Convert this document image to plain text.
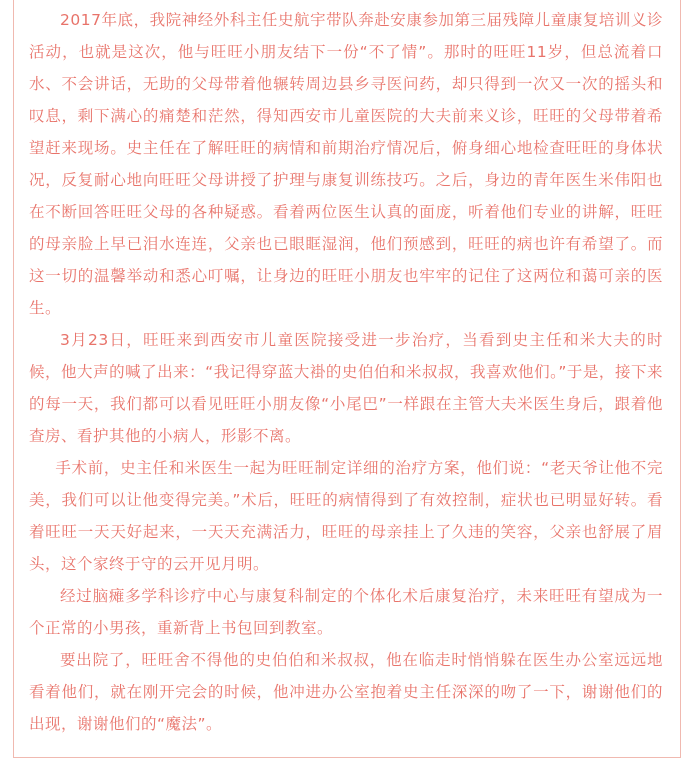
2017年底，我院神经外科主任史航宇带队奔赴安康参加第三届残障儿童康复培训义诊活动，也就是这次，他与旺旺小朋友结下一份“不了情”。那时的旺旺11岁，但总流着口水、不会讲话，无助的父母带着他辗转周边县乡寻医问药，却只得到一次又一次的摇头和叹息，剩下满心的痛楚和茫然，得知西安市儿童医院的大夫前来义诊，旺旺的父母带着希望赶来现场。史主任在了解旺旺的病情和前期治疗情况后，俯身细心地检查旺旺的身体状况，反复耐心地向旺旺父母讲授了护理与康复训练技巧。之后，身边的青年医生米伟阳也在不断回答旺旺父母的各种疑惑。看着两位医生认真的面庞，听着他们专业的讲解，旺旺的母亲脸上早已泪水连连，父亲也已眼眶湿润，他们预感到，旺旺的病也许有希望了。而这一切的温馨举动和悉心叮嘱，让身边的旺旺小朋友也牢牢的记住了这两位和蔼可亲的医生。

3月23日，旺旺来到西安市儿童医院接受进一步治疗，当看到史主任和米大夫的时候，他大声的喊了出来：“我记得穿蓝大褂的史伯伯和米叔叔，我喜欢他们。”于是，接下来的每一天，我们都可以看见旺旺小朋友像“小尾巴”一样跟在主管大夫米医生身后，跟着他查房、看护其他的小病人，形影不离。

手术前，史主任和米医生一起为旺旺制定详细的治疗方案，他们说：“老天爷让他不完美，我们可以让他变得完美。”术后，旺旺的病情得到了有效控制，症状也已明显好转。看着旺旺一天天好起来，一天天充满活力，旺旺的母亲挂上了久违的笑容，父亲也舒展了眉头，这个家终于守的云开见月明。

经过脑瘫多学科诊疗中心与康复科制定的个体化术后康复治疗，未来旺旺有望成为一个正常的小男孩，重新背上书包回到教室。

要出院了，旺旺舍不得他的史伯伯和米叔叔，他在临走时悄悄躲在医生办公室远远地看着他们，就在刚开完会的时候，他冲进办公室抱着史主任深深的吻了一下，谢谢他们的出现，谢谢他们的“魔法”。
